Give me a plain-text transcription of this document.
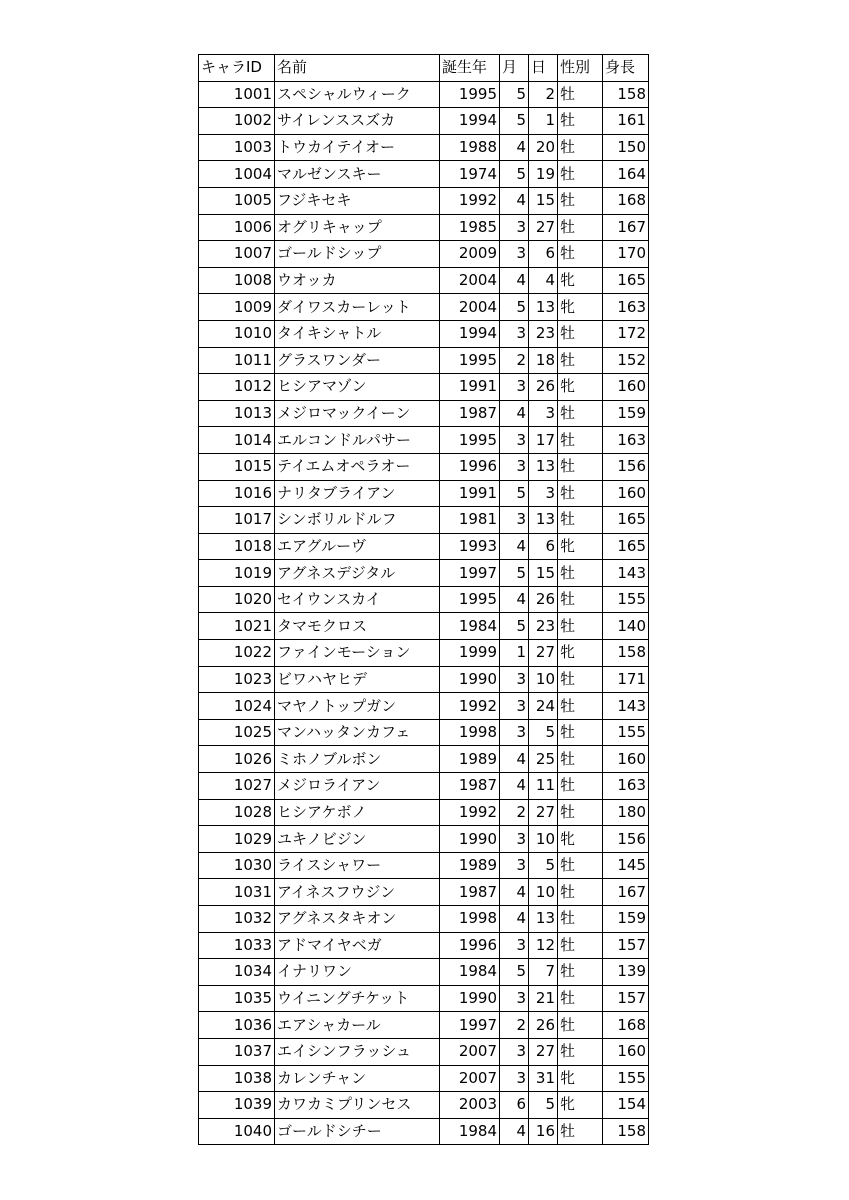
キャラID	名前	誕生年	月	日	性別	身長
1001	スペシャルウィーク	1995	5	2	牡	158
1002	サイレンススズカ	1994	5	1	牡	161
1003	トウカイテイオー	1988	4	20	牡	150
1004	マルゼンスキー	1974	5	19	牡	164
1005	フジキセキ	1992	4	15	牡	168
1006	オグリキャップ	1985	3	27	牡	167
1007	ゴールドシップ	2009	3	6	牡	170
1008	ウオッカ	2004	4	4	牝	165
1009	ダイワスカーレット	2004	5	13	牝	163
1010	タイキシャトル	1994	3	23	牡	172
1011	グラスワンダー	1995	2	18	牡	152
1012	ヒシアマゾン	1991	3	26	牝	160
1013	メジロマックイーン	1987	4	3	牡	159
1014	エルコンドルパサー	1995	3	17	牡	163
1015	テイエムオペラオー	1996	3	13	牡	156
1016	ナリタブライアン	1991	5	3	牡	160
1017	シンボリルドルフ	1981	3	13	牡	165
1018	エアグルーヴ	1993	4	6	牝	165
1019	アグネスデジタル	1997	5	15	牡	143
1020	セイウンスカイ	1995	4	26	牡	155
1021	タマモクロス	1984	5	23	牡	140
1022	ファインモーション	1999	1	27	牝	158
1023	ビワハヤヒデ	1990	3	10	牡	171
1024	マヤノトップガン	1992	3	24	牡	143
1025	マンハッタンカフェ	1998	3	5	牡	155
1026	ミホノブルボン	1989	4	25	牡	160
1027	メジロライアン	1987	4	11	牡	163
1028	ヒシアケボノ	1992	2	27	牡	180
1029	ユキノビジン	1990	3	10	牝	156
1030	ライスシャワー	1989	3	5	牡	145
1031	アイネスフウジン	1987	4	10	牡	167
1032	アグネスタキオン	1998	4	13	牡	159
1033	アドマイヤベガ	1996	3	12	牡	157
1034	イナリワン	1984	5	7	牡	139
1035	ウイニングチケット	1990	3	21	牡	157
1036	エアシャカール	1997	2	26	牡	168
1037	エイシンフラッシュ	2007	3	27	牡	160
1038	カレンチャン	2007	3	31	牝	155
1039	カワカミプリンセス	2003	6	5	牝	154
1040	ゴールドシチー	1984	4	16	牡	158
